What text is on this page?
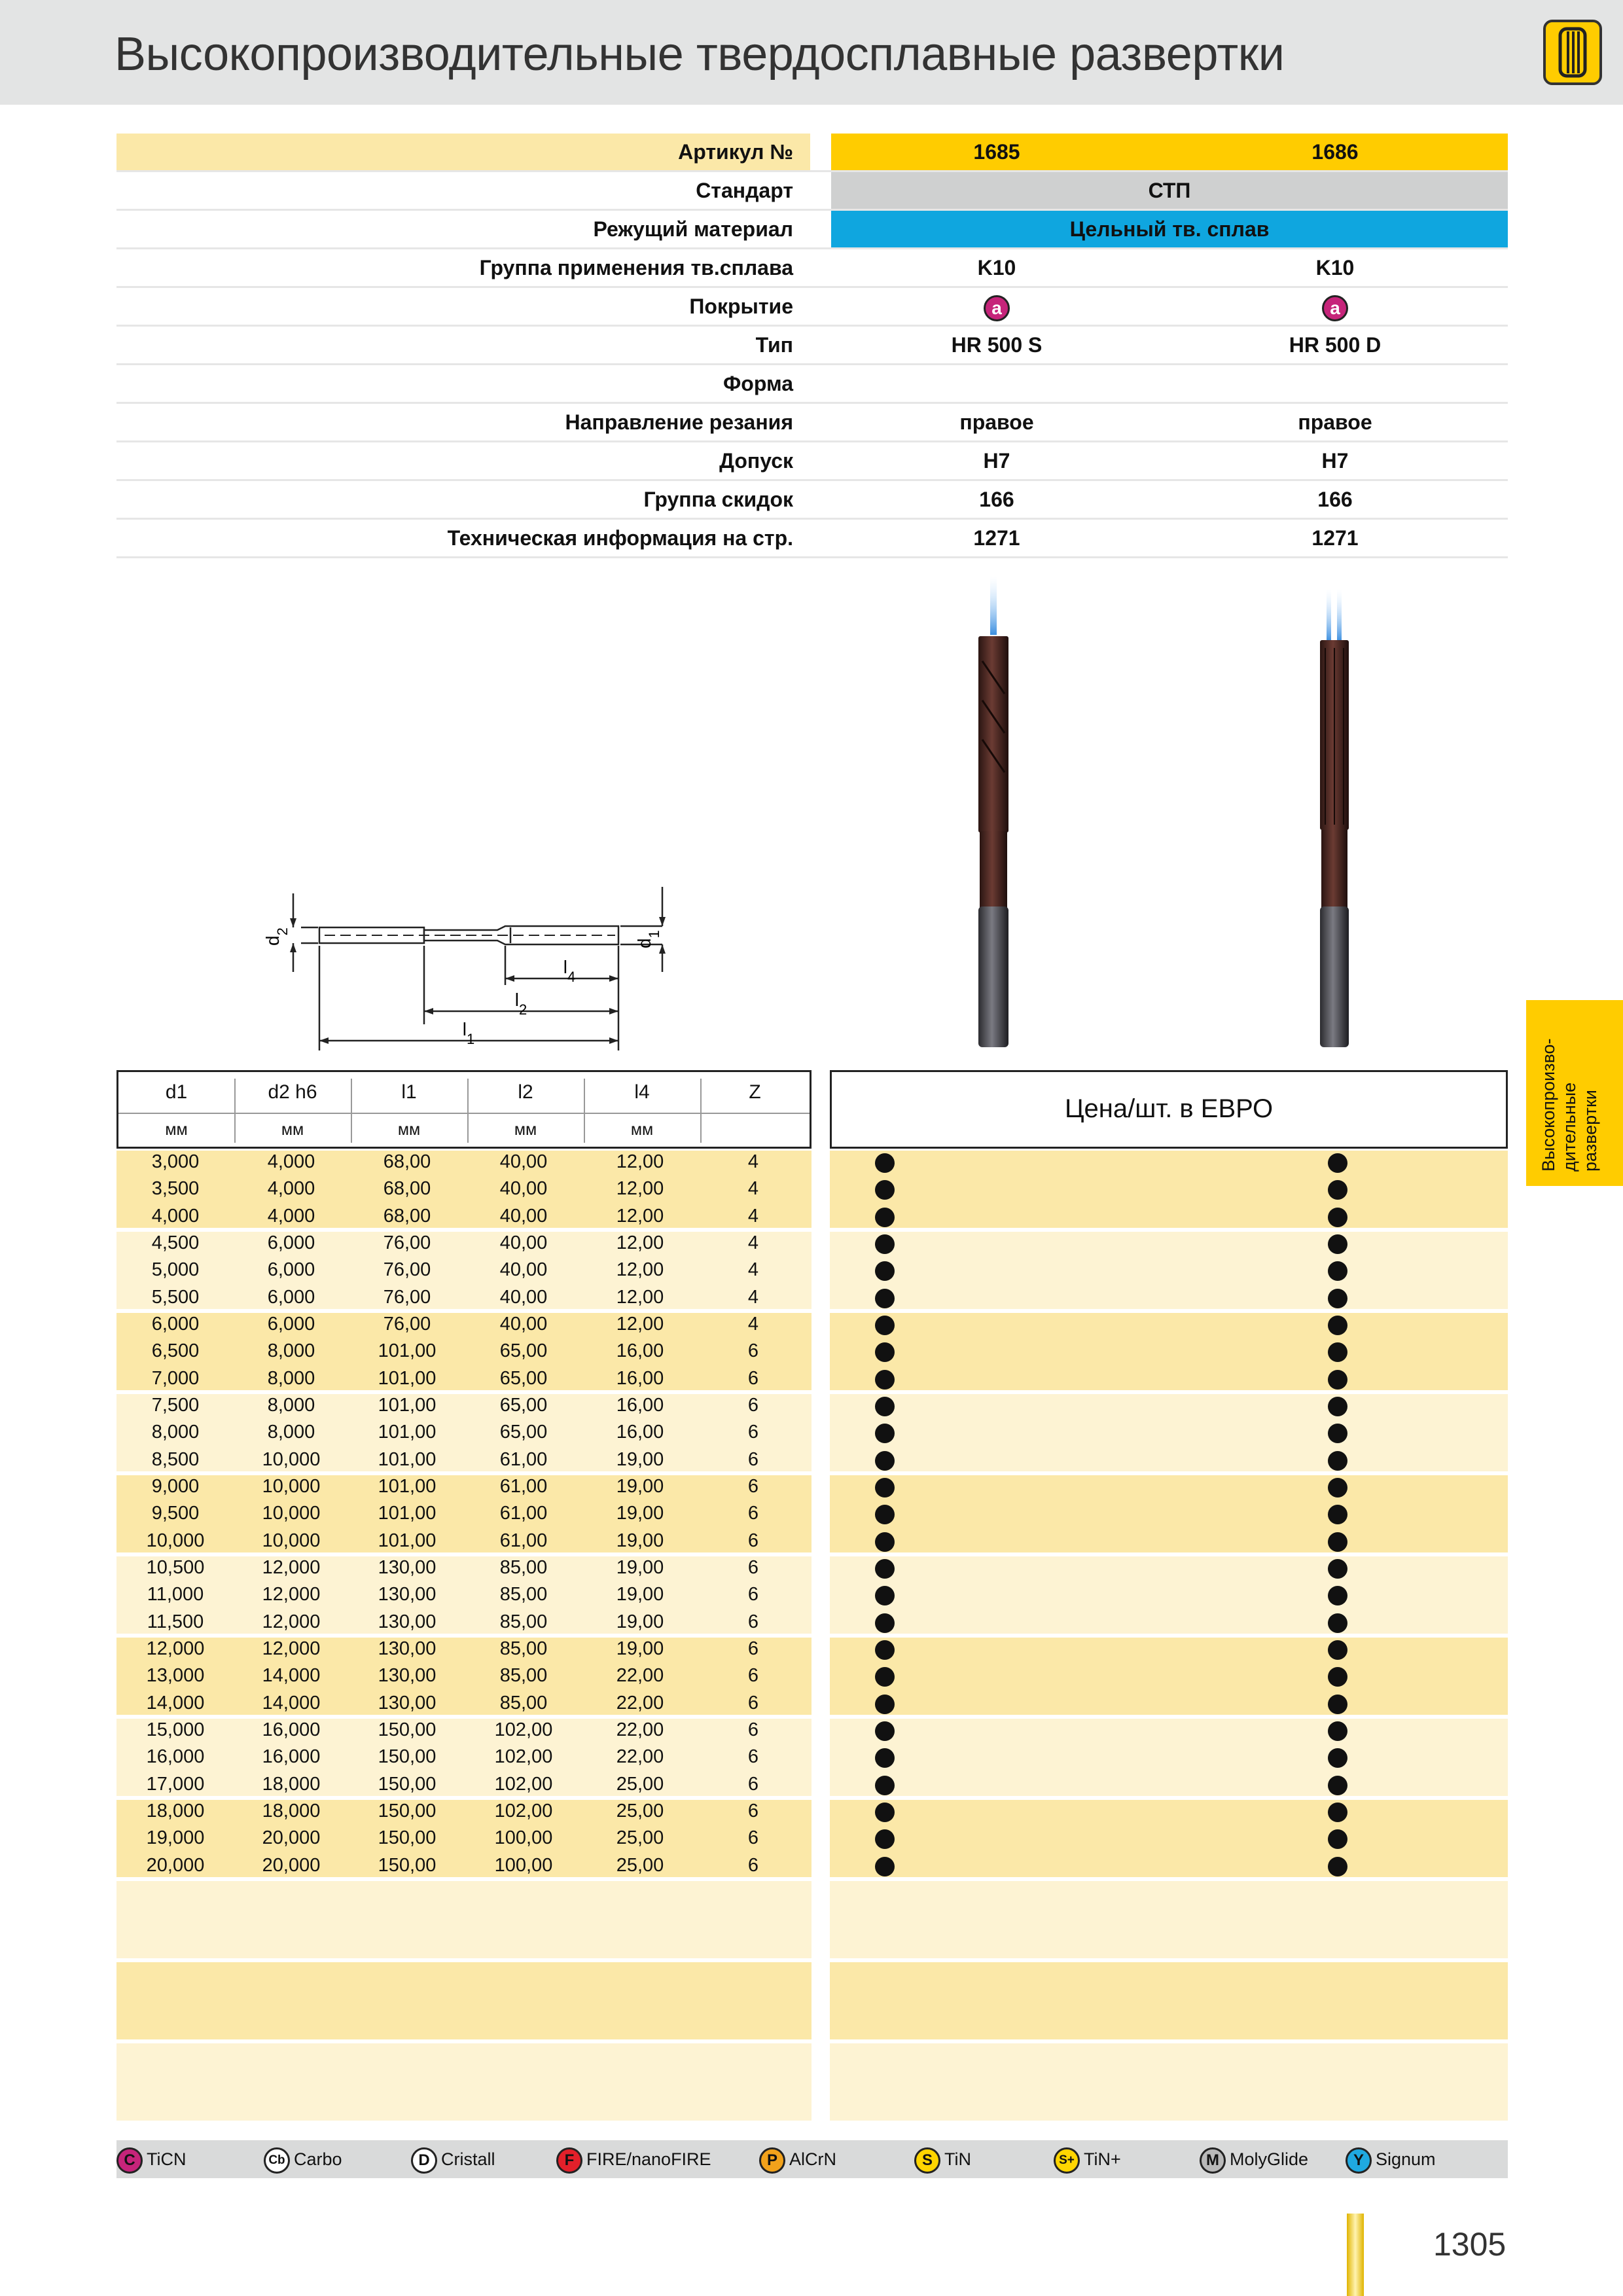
Высокопроизводительные твердосплавные развертки
Артикул №	1685	1686
Стандарт	СТП
Режущий материал	Цельный тв. сплав
Группа применения тв.сплава	K10	K10
Покрытие	a	a
Тип	HR 500 S	HR 500 D
Форма
Направление резания	правое	правое
Допуск	H7	H7
Группа скидок	166	166
Техническая информация на стр.	1271	1271
Высокопроизво- дительные развертки
$d_2$
$d_1$
$l_4$
$l_2$
$l_1$
d1
мм
d2 h6
мм
l1
мм
l2
мм
l4
мм
Z
Цена/шт. в ЕВРО
3,000	4,000	68,00	40,00	12,00	4
3,500	4,000	68,00	40,00	12,00	4
4,000	4,000	68,00	40,00	12,00	4
4,500	6,000	76,00	40,00	12,00	4
5,000	6,000	76,00	40,00	12,00	4
5,500	6,000	76,00	40,00	12,00	4
6,000	6,000	76,00	40,00	12,00	4
6,500	8,000	101,00	65,00	16,00	6
7,000	8,000	101,00	65,00	16,00	6
7,500	8,000	101,00	65,00	16,00	6
8,000	8,000	101,00	65,00	16,00	6
8,500	10,000	101,00	61,00	19,00	6
9,000	10,000	101,00	61,00	19,00	6
9,500	10,000	101,00	61,00	19,00	6
10,000	10,000	101,00	61,00	19,00	6
10,500	12,000	130,00	85,00	19,00	6
11,000	12,000	130,00	85,00	19,00	6
11,500	12,000	130,00	85,00	19,00	6
12,000	12,000	130,00	85,00	19,00	6
13,000	14,000	130,00	85,00	22,00	6
14,000	14,000	130,00	85,00	22,00	6
15,000	16,000	150,00	102,00	22,00	6
16,000	16,000	150,00	102,00	22,00	6
17,000	18,000	150,00	102,00	25,00	6
18,000	18,000	150,00	102,00	25,00	6
19,000	20,000	150,00	100,00	25,00	6
20,000	20,000	150,00	100,00	25,00	6
C TiCN	Cb Carbo	D Cristall	F FIRE/nanoFIRE	P AlCrN	S TiN	S+ TiN+	M MolyGlide	Y Signum
1305
